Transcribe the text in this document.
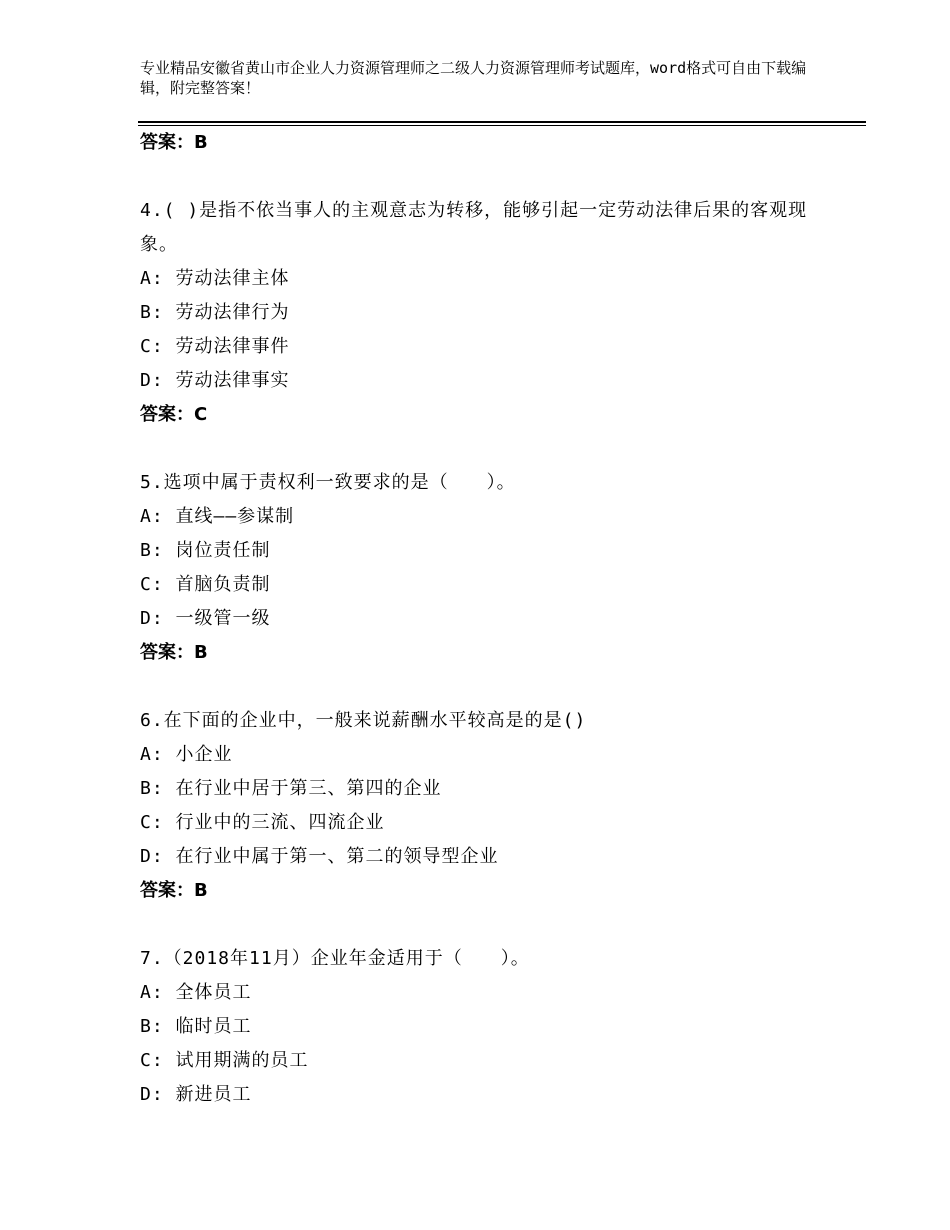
专业精品安徽省黄山市企业人力资源管理师之二级人力资源管理师考试题库，word格式可自由下载编辑，附完整答案！
答案：B
4.( )是指不依当事人的主观意志为转移，能够引起一定劳动法律后果的客观现象。
A: 劳动法律主体
B: 劳动法律行为
C: 劳动法律事件
D: 劳动法律事实
答案：C
5.选项中属于责权利一致要求的是（　　）。
A: 直线——参谋制
B: 岗位责任制
C: 首脑负责制
D: 一级管一级
答案：B
6.在下面的企业中，一般来说薪酬水平较高是的是()
A: 小企业
B: 在行业中居于第三、第四的企业
C: 行业中的三流、四流企业
D: 在行业中属于第一、第二的领导型企业
答案：B
7.（2018年11月）企业年金适用于（　　）。
A: 全体员工
B: 临时员工
C: 试用期满的员工
D: 新进员工
